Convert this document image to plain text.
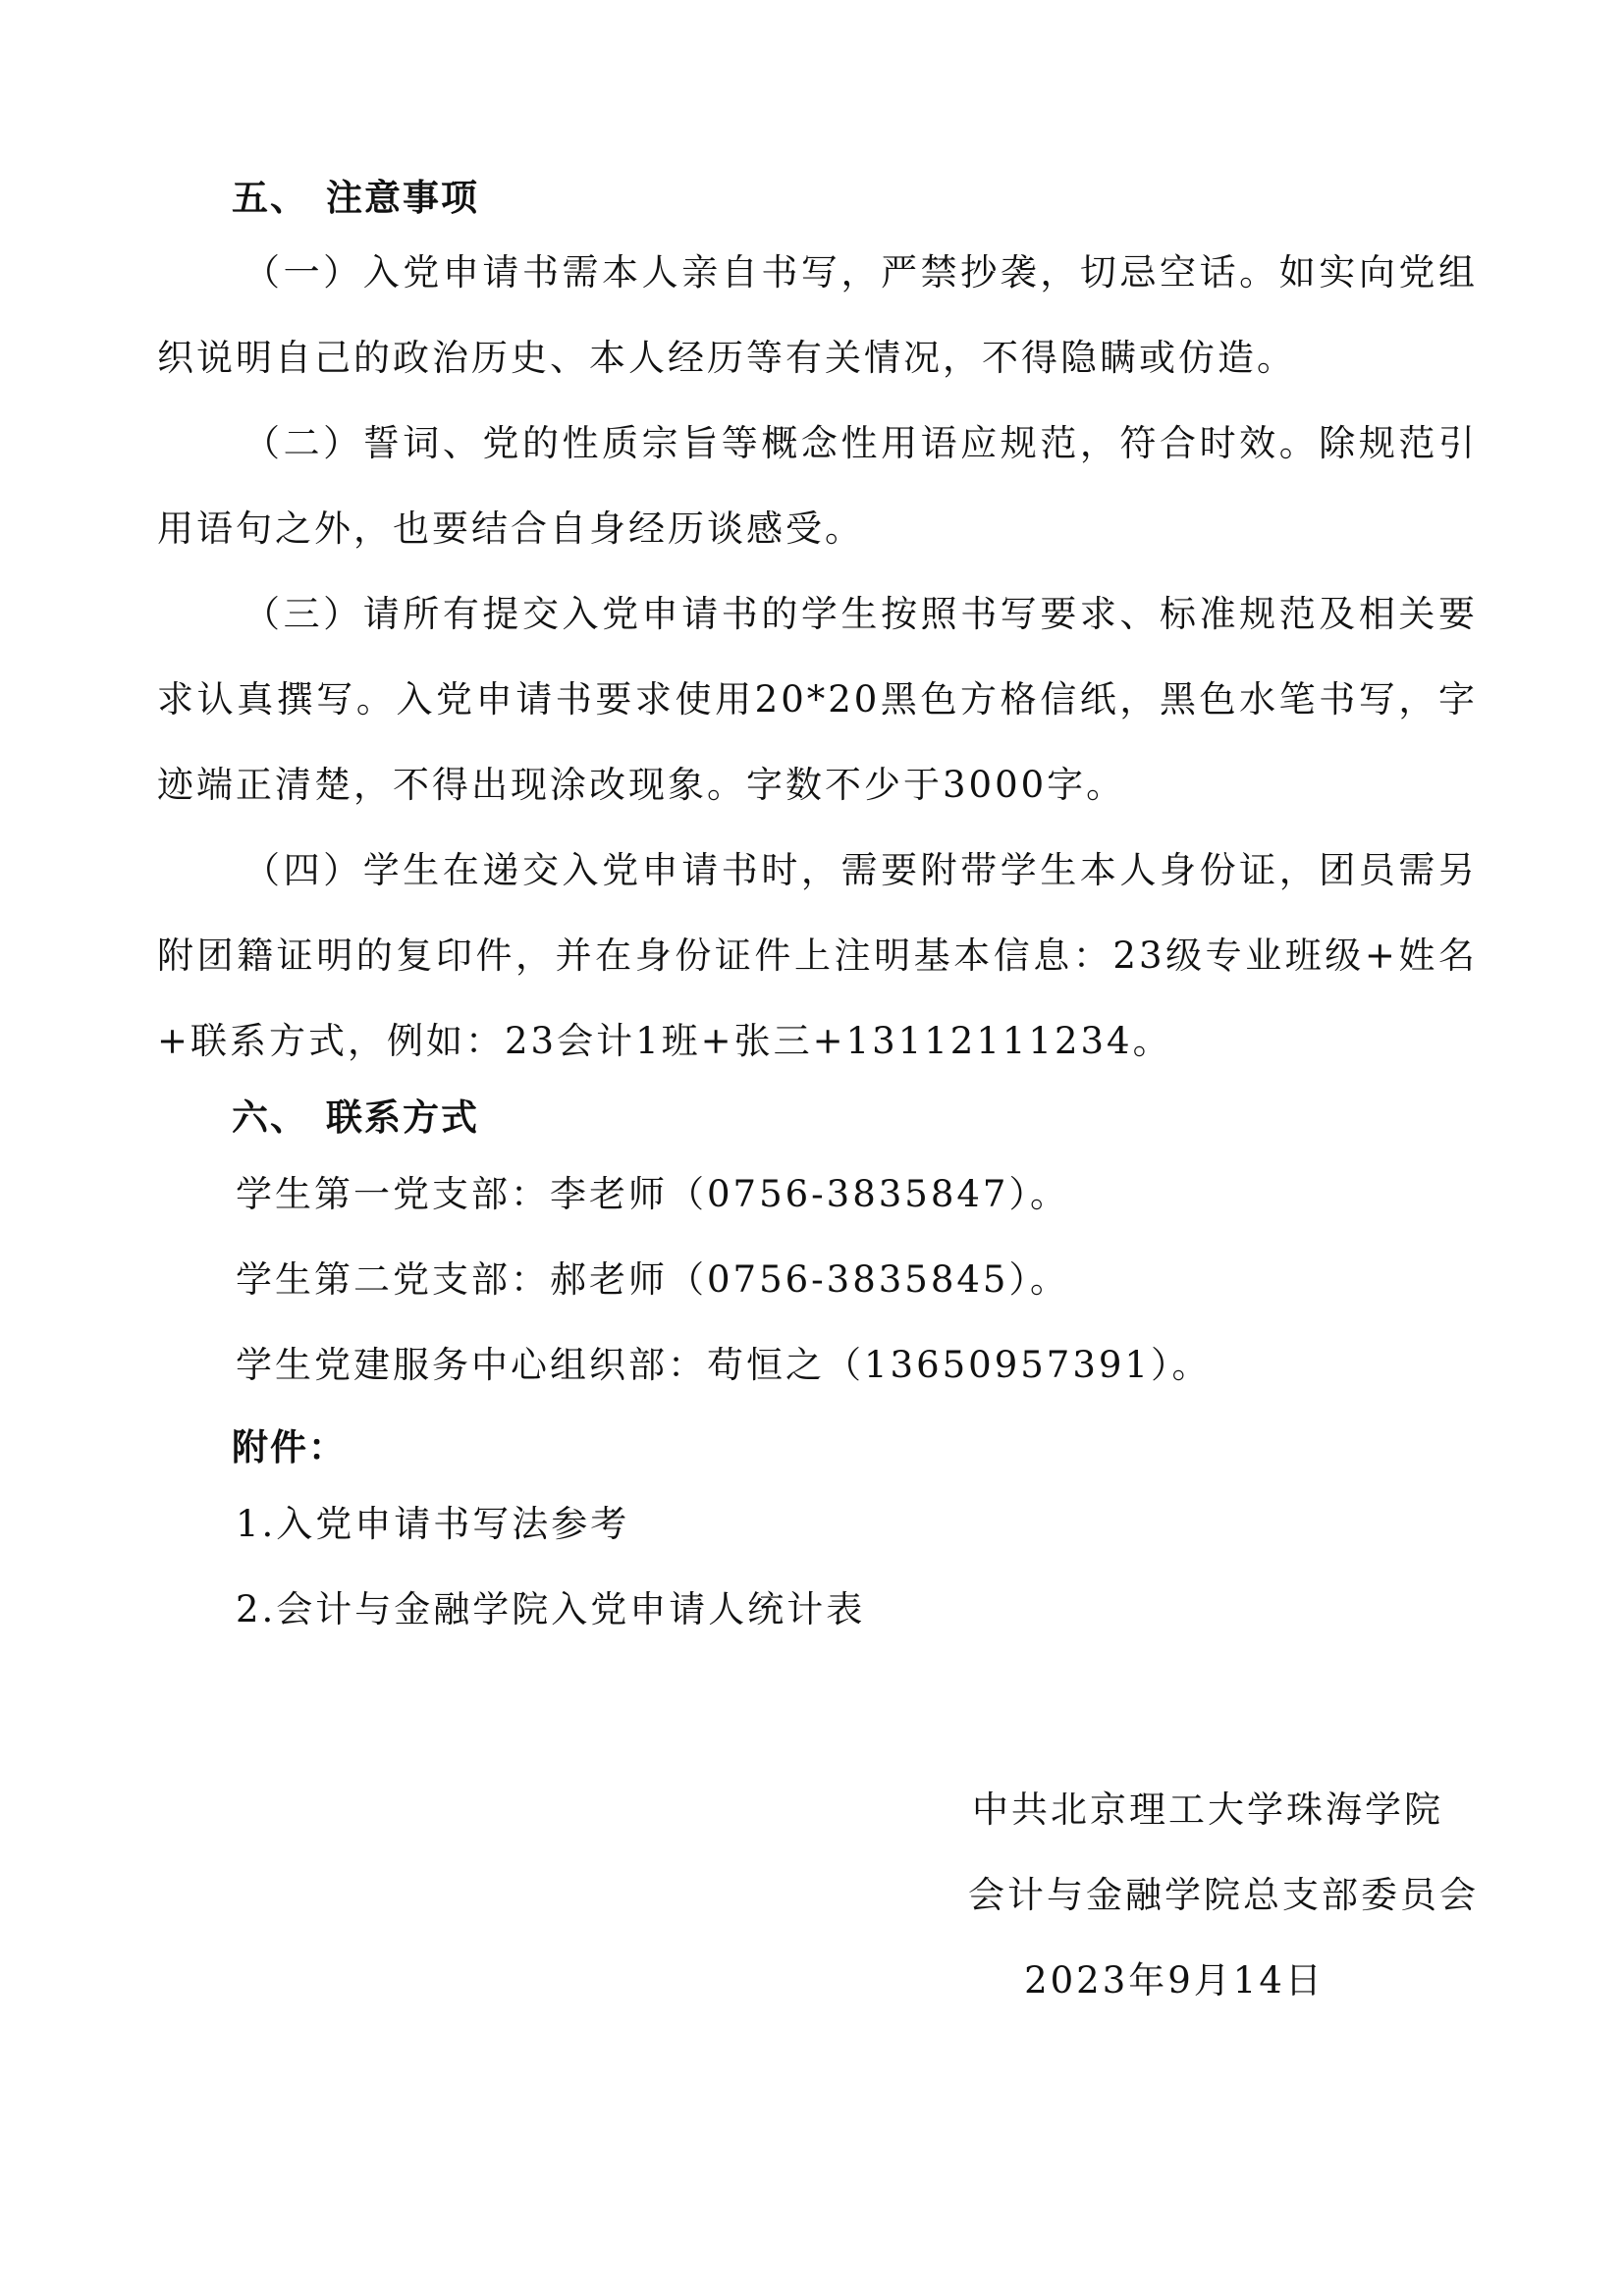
五、 注意事项

（一）入党申请书需本人亲自书写，严禁抄袭，切忌空话。如实向党组织说明自己的政治历史、本人经历等有关情况，不得隐瞒或仿造。

（二）誓词、党的性质宗旨等概念性用语应规范，符合时效。除规范引用语句之外，也要结合自身经历谈感受。

（三）请所有提交入党申请书的学生按照书写要求、标准规范及相关要求认真撰写。入党申请书要求使用20*20黑色方格信纸，黑色水笔书写，字迹端正清楚，不得出现涂改现象。字数不少于3000字。

（四）学生在递交入党申请书时，需要附带学生本人身份证，团员需另附团籍证明的复印件，并在身份证件上注明基本信息：23级专业班级+姓名+联系方式，例如：23会计1班+张三+13112111234。

六、 联系方式

学生第一党支部：李老师（0756-3835847）。

学生第二党支部：郝老师（0756-3835845）。

学生党建服务中心组织部：苟恒之（13650957391）。

附件：

1.入党申请书写法参考

2.会计与金融学院入党申请人统计表

中共北京理工大学珠海学院
会计与金融学院总支部委员会
2023年9月14日
